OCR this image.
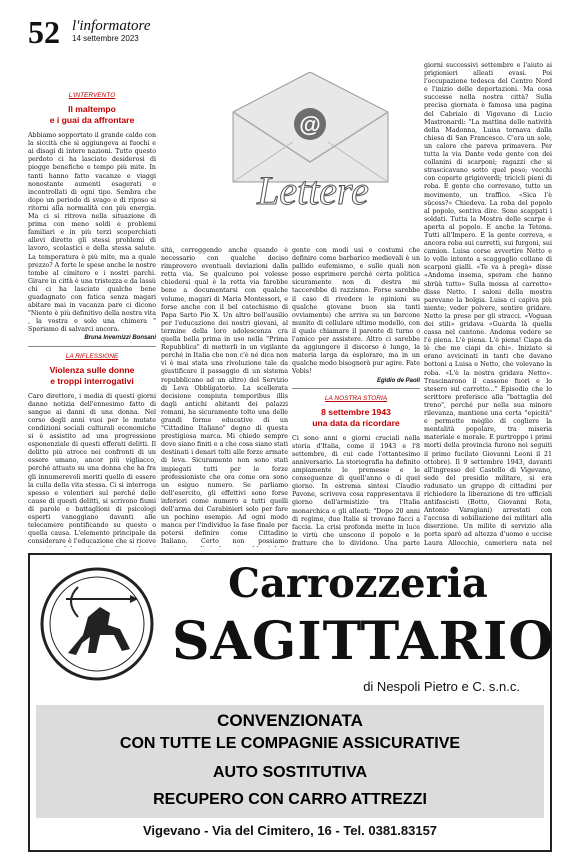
52 l'informatore
14 settembre 2023
L'INTERVENTO
Il maltempo
e i guai da affrontare

Abbiamo sopportato il grande caldo con la siccità che si aggiungeva ai fuochi e ai disagi di intere nazioni. Tutto questo perdoto ci ha lasciato desiderosi di piogge benefiche e tempo più mite. In tanti hanno fatto vacanze e viaggi nonostante aumenti esagerati e incontrollati di ogni tipo. Sembra che dopo un periodo di svago e di riposo si ritorni alla normalità con più energia. Ma ci si ritrova nella situazione di prima con meno soldi e problemi familiari e in più terzi scoperchiati allevi diretto gli stessi problemi di lavoro, scolastici e della stessa salute. La temperatura è più mite, ma a quale prezzo? A forte le spese anche le nostre tombe al cimitero e i nostri parchi. Girare in città è una tristezza e da lassù chi ci ha lasciato qualche bene guadagnato con fatica senza magari abitare mai in vacanza pare ci dicono "Niente è più definitivo della nostra vita , la vostra e solo una chimera " Speriamo di salvarci ancora.

Bruna Invernizzi Bonsani
LA RIFLESSIONE
Violenza sulle donne
e troppi interrogativi

Caro direttore, i media di questi giorni danno notizia dell'ennesimo fatto di sangue ai danni di una donna. Nel corso degli anni vuoi per le mutate condizioni sociali culturali economiche si è assistito ad una progressione esponenziale di questi efferati delitti. Il delitto più atroce nei confronti di un essere umano, ancor più vigliacco, perché attuato su una donna che ha fra gli innumerevoli meriti quello di essere la culla della vita stessa. Ci si interroga spesso e volentieri sul perché delle cause di questi delitti, si scrivono fiumi di parole e battaglioni di psicologi esperti vaneggiano davanti alle telecamere pontificando su questo o quella causa. L'elemento principale da considerare è l'educazione che si riceve

@
Lettere

sità, correggendo anche quando è necessario con qualche deciso rimprovero eventuali deviazioni dalla retta via. Se qualcuno poi volesse chiedersi qual è la retta via farebbe bene a documentarsi con qualche volume, magari di Maria Montessori, e forse anche con il bel catechismo di Papa Sarto Pio X. Un altro bell'ausilio per l'educazione dei nostri giovani, al termine della loro adolescenza cra quella bella prima in uso nella "Prima Repubblica" di metterli in un vigilante perché in Italia che non c'è né dica non vi è mai stata una rivoluzione tale da giustificare il passaggio di un sistema repubblicano ad un altro) del Servizio di Leva Obbligatorio. La scellerata decisione compiuta temporibus illis dagli antichi abitanti dei palazzi romani, ha sicuramente tolto una delle grandi forme educative di un "Cittadino Italiano" degno di questa prestigiosa marca. Mi chiedo sempre dove siano finiti e a che cosa siano stati destinati i denari tolti alle forze armate di leva. Sicuramente non sono stati impiegati tutti per le forze professioniste che ora come ora sono un esiguo numero. Se parliamo dell'esercito, gli effettivi sono forse inferiori come numero a tutti quelli dell'arma dei Carabinieri solo per fare un pochino esempio. Ad ogni modo manca per l'individuo la fase finale per potersi definire come Cittadino Italiano. Certo non possiamo

gente con modi usi e costumi che definire come barbarico medievali è un pallido eufemismo, e sulle quali non posso esprimere perché certa politica sicuramente non di destra mi taccerebbe di razzismo. Forse sarebbe il caso di rivedere le opinioni su qualche giovane buon sia tanti ovviamente) che arriva su un barcone munito di cellulare ultimo modello, con il quale chiamare il parente di turno o l'amico per assistere. Altro ci sarebbe da aggiungere il discorso è lungo, la materia larga da esplorare, ma in un qualche modo bisognerà pur agire. Fate Vobis!

Egidio de Paoli
LA NOSTRA STORIA
8 settembre 1943
una data da ricordare

Ci sono anni e giorni cruciali nella storia d'Italia, come il 1943 e l'8 settembre, di cui cade l'ottantesimo anniversario. La storiografia ha definito ampiamente le premesse e le conseguenze di quell'anno e di quel giorno. In estrema sintesi Claudio Pavone, scriveva cosa rappresentava il giorno dell'armistizio tra l'Italia monarchica e gli alleati: "Dopo 20 anni di regime, due Italie si trovano facci a faccia. La crisi profonda mette in luce le virtù che unscono il popolo e le fratture che lo dividono. Una parte

giorni successivi settembre e l'aiuto ai prigionieri alleati evasi. Poi l'occupazione tedesca del Centro Nord e l'inizio delle deportazioni. Ma cosa successe nella nostra città? Sulla precisa giornata è famosa una pagina del Cabrialo di Vigevano di Lucio Mastronardi: "La mattina delle natività della Madonna, Luisa tornava dalla chiesa di San Francesco. C'era un sole, un calore che pareva primavera. Per tutta la via Dante vede gente con dei collanini di scarponi; ragazzi che si strascicavano sotto quel peso; vecchi con coperte grigioverdi; tricicli pieni di roba. E gente che correvano, tutto un movimento, un traffico. «Sica l'è sücess?» Chiedeva. La roba del popolo al popolo, sentiva dire. Sono scappati i soldati. Tutta la Mostra delle scarpe è aperta al popolo. E anche la Tetona. Tutti all'Impero. E la gente correva, e ancora roba sui carretti, sui furgoni, sui camion. Luisa corse avvertire Netto e lo volle intento a scaggaglio collane di scarponi gialli. «Te va à pregà» disse «Andoma insema, speram che hanno sbrüà tutto» Sulla mossa al carretto» disse Netto. I saloni della mostra parevano la bolgia. Luisa ci capiva più niente; veder polvere, sentire gridare. Netto la prese per gli stracci. «Voguan dei stili» gridava «Guarda là quella cassa nel cantone. Andoma vedere se l'è piena. L'è piena. L'è piena! Ciapa da lè che me ciapi da chi». Iniziato si erano avvicinati in tanti che davano bottoni a Luisa e Netto, che volevano la roba. «L'è la nostra gridava Netto». Trascinarono il cassone fuori e lo stesero sul carretto..." Episodio che lo scrittore preferisce alla "battaglia del treno", perché pur nella sua minore rilevanza, mantiene una certa "epicità" e permette meglio di cogliere la mentalità popolare, tra miseria materiale e morale. E purtroppo i primi morti della provincia furono nei seguiti il primo fucilato Giovanni Leoni il 21 ottobre). Il 9 settembre 1943, davanti all'ingresso del Castello di Vigevano, sede del presidio militare, si era radunato un gruppo di cittadini per richiedere la liberazione di tre ufficiali antifascisti (Botto, Giovanni Rota, Antonio Varagiani) arrestati con l'accusa di sobillazione dei militari alla diserzione. Un milite di servizio alla porta sparò ad altezza d'uomo e uccise Laura Allocchio, cameriera nata nel

Carrozzeria
SAGITTARIO
di Nespoli Pietro e C. s.n.c.
CONVENZIONATA
CON TUTTE LE COMPAGNIE ASSICURATIVE
AUTO SOSTITUTIVA
RECUPERO CON CARRO ATTREZZI
Vigevano - Via del Cimitero, 16 - Tel. 0381.83157
